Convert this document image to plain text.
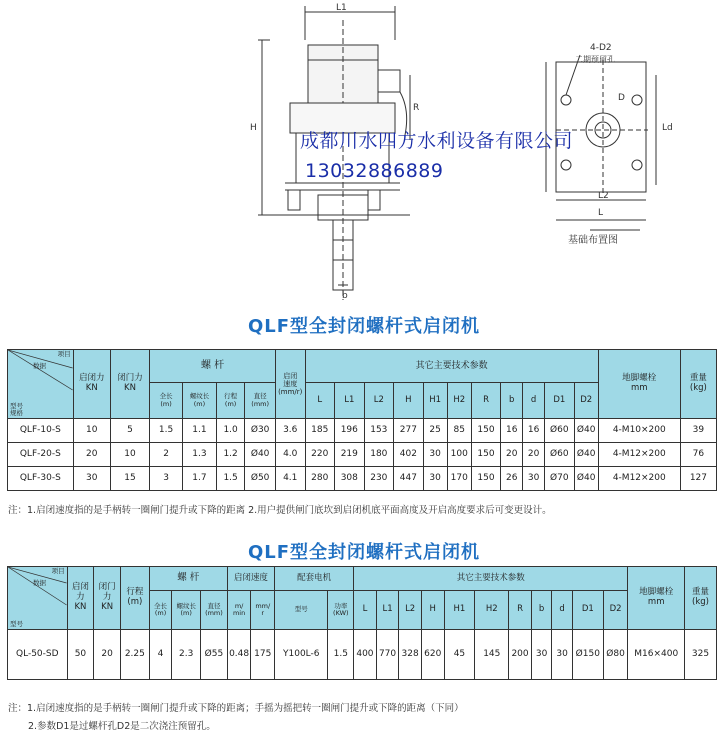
L1
H
R
b
4-D2
二期预留孔
D
Ld
L2
L
基础布置图
成都川水四方水利设备有限公司
13032886889
QLF型全封闭螺杆式启闭机
项目
数据
型号
规格	启闭力
KN	闭门力
KN	螺 杆				启闭
速度
(mm/r)	其它主要技术参数											地脚螺栓
mm	重量
(kg)
			全长
(m)	螺纹长
(m)	行程
(m)	直径
(mm)		L	L1	L2	H	H1	H2	R	b	d	D1	D2		
QLF-10-S	10	5	1.5	1.1	1.0	Ø30	3.6	185	196	153	277	25	85	150	16	16	Ø60	Ø40	4-M10×200	39
QLF-20-S	20	10	2	1.3	1.2	Ø40	4.0	220	219	180	402	30	100	150	20	20	Ø60	Ø40	4-M12×200	76
QLF-30-S	30	15	3	1.7	1.5	Ø50	4.1	280	308	230	447	30	170	150	26	30	Ø70	Ø40	4-M12×200	127
注：1.启闭速度指的是手柄转一圈闸门提升或下降的距离 2.用户提供闸门底坎到启闭机底平面高度及开启高度要求后可变更设计。
QLF型全封闭螺杆式启闭机
项目
数据
型号	启闭
力
KN	闭门
力
KN	行程
(m)	螺 杆			启闭速度		配套电机		其它主要技术参数											地脚螺栓
mm	重量
(kg)
				全长
(m)	螺纹长
(m)	直径
(mm)	m/
min	mm/
r	型号	功率
(KW)	L	L1	L2	H	H1	H2	R	b	d	D1	D2		
QL-50-SD	50	20	2.25	4	2.3	Ø55	0.48	175	Y100L-6	1.5	400	770	328	620	45	145	200	30	30	Ø150	Ø80	M16×400	325
注：1.启闭速度指的是手柄转一圈闸门提升或下降的距离；手摇为摇把转一圈闸门提升或下降的距离（下同）
2.参数D1是过螺杆孔D2是二次浇注预留孔。
